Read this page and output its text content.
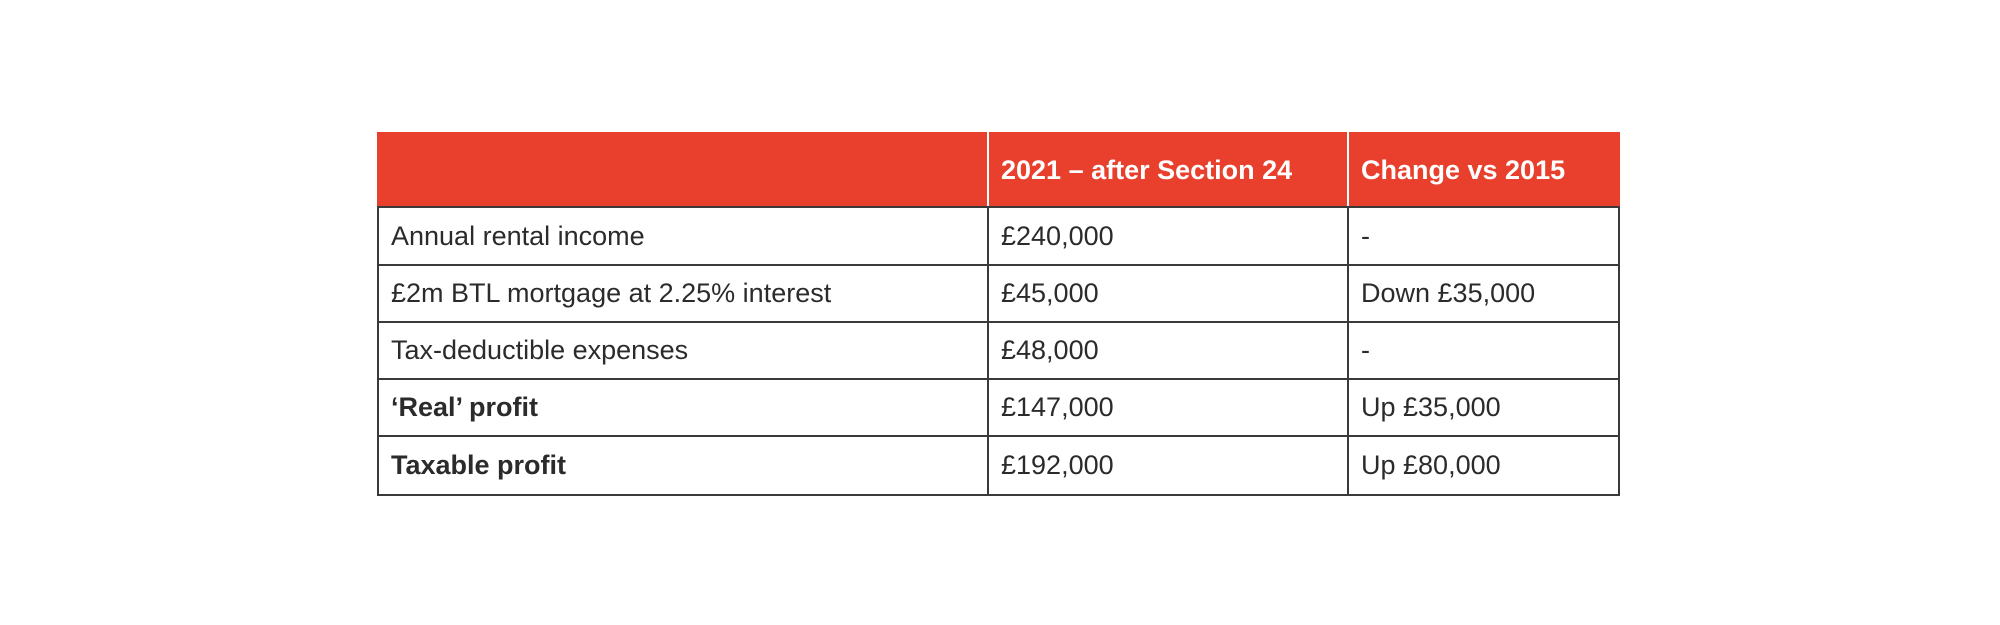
	2021 – after Section 24	Change vs 2015
Annual rental income	£240,000	-
£2m BTL mortgage at 2.25% interest	£45,000	Down £35,000
Tax-deductible expenses	£48,000	-
‘Real’ profit	£147,000	Up £35,000
Taxable profit	£192,000	Up £80,000
